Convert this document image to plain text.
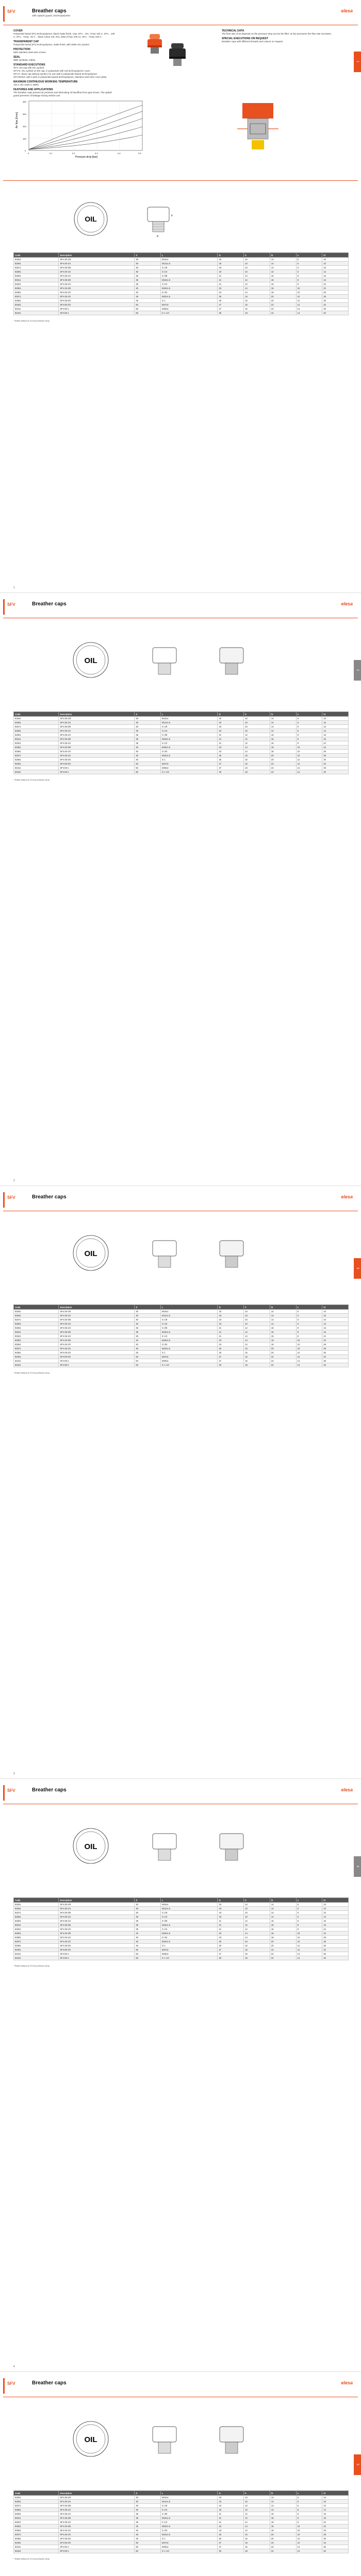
SFV	Breather caps
with splash guard, technopolymer
elesa
COVER
Polyamide based (PA) technopolymer, black matte finish. Cap: SFV... OIL: Tmax 100 C. SFV... 100 C; SFV... Tmax -40 C... black colour red, RAL 2004 (Tmax 100 C). SFV... Tmax 100 C.
TRANSPARENT CAP
Polyamide based (PA) technopolymer, matte finish, with white OIL symbol.
PROTECTION
With stainless steel wire screen.
SEAL
NBR synthetic rubber.
STANDARD EXECUTIONS
SFV: red cap with OIL symbol.
SFV-N: OIL symbol on the cap, in polyamide with red technopolymer cover.
SFV-C: black cap without symbol, for use with in polyamide based technopolymer.
SFV-BOSS: with 2 pins in polyamide based technopolymer, stainless steel wire cover plate.
MAXIMUM CONTINUOUS WORKING TEMPERATURE
100 C (for seals in NBR).
FEATURES AND APPLICATIONS
The breather caps prevent air pressure and lubricating oil backflow from gear boxes. The splash guard prevents oil leakage during vehicle use.
TECHNICAL DATA
The flow rate of air depends on the pressure drop across the filter; at low pressures the flow rate increases.
SPECIAL EXECUTIONS ON REQUEST
Breather caps with different threads and colours on request.
Air flow [l/min]
Pressure drop [bar]
400
300
200
100
0
0	0.1	0.2	0.3	0.4	0.5
1
1
OIL	h
d
Code	Description	d	L	l1	h	l2	s	Cl
83251	SFV.30-1/8	30	M10x1	19	10	14	6	10
83261	SFV.30-1/4	30	M12x1.5	19	10	14	6	10
83271	SFV.30-3/8	30	G 1/8	19	10	14	6	10
83281	SFV.30-1/2	30	G 1/4	19	10	14	6	12
83301	SFV.35-1/4	35	G 3/8	21	12	16	8	16
83311	SFV.35-3/8	35	M16x1.5	21	12	16	8	16
83321	SFV.35-1/2	35	G 1/2	21	12	16	8	22
83351	SFV.40-3/8	40	M20x1.5	23	14	18	10	22
83361	SFV.40-1/2	40	G 3/4	23	14	18	10	28
83371	SFV.45-1/2	45	M22x1.5	25	15	20	10	28
83381	SFV.45-3/4	45	G 1	25	15	20	12	30
83401	SFV.50-3/4	50	M27x2	27	16	22	12	34
83411	SFV.50-1	50	M30x2	27	16	22	14	36
83421	SFV.60-1	60	G 1 1/4	30	18	24	14	40
* Rated airflow at 0.5 bar pressure drop.
SFV	Breather caps	elesa
2
OIL
Code	Description	d	L	l1	h	l2	s	Cl
83251	SFV.30-1/8	30	M10x1	19	10	14	6	10
83261	SFV.30-1/4	30	M12x1.5	19	10	14	6	10
83271	SFV.30-3/8	30	G 1/8	19	10	14	6	10
83281	SFV.30-1/2	30	G 1/4	19	10	14	6	12
83301	SFV.35-1/4	35	G 3/8	21	12	16	8	16
83311	SFV.35-3/8	35	M16x1.5	21	12	16	8	16
83321	SFV.35-1/2	35	G 1/2	21	12	16	8	22
83351	SFV.40-3/8	40	M20x1.5	23	14	18	10	22
83361	SFV.40-1/2	40	G 3/4	23	14	18	10	28
83371	SFV.45-1/2	45	M22x1.5	25	15	20	10	28
83381	SFV.45-3/4	45	G 1	25	15	20	12	30
83401	SFV.50-3/4	50	M27x2	27	16	22	12	34
83411	SFV.50-1	50	M30x2	27	16	22	14	36
83421	SFV.60-1	60	G 1 1/4	30	18	24	14	40
* Rated airflow at 0.5 bar pressure drop.
2
SFV	Breather caps	elesa
3
OIL
Code	Description	d	L	l1	h	l2	s	Cl
83251	SFV.30-1/8	30	M10x1	19	10	14	6	10
83261	SFV.30-1/4	30	M12x1.5	19	10	14	6	10
83271	SFV.30-3/8	30	G 1/8	19	10	14	6	10
83281	SFV.30-1/2	30	G 1/4	19	10	14	6	12
83301	SFV.35-1/4	35	G 3/8	21	12	16	8	16
83311	SFV.35-3/8	35	M16x1.5	21	12	16	8	16
83321	SFV.35-1/2	35	G 1/2	21	12	16	8	22
83351	SFV.40-3/8	40	M20x1.5	23	14	18	10	22
83361	SFV.40-1/2	40	G 3/4	23	14	18	10	28
83371	SFV.45-1/2	45	M22x1.5	25	15	20	10	28
83381	SFV.45-3/4	45	G 1	25	15	20	12	30
83401	SFV.50-3/4	50	M27x2	27	16	22	12	34
83411	SFV.50-1	50	M30x2	27	16	22	14	36
83421	SFV.60-1	60	G 1 1/4	30	18	24	14	40
* Rated airflow at 0.5 bar pressure drop.
3
SFV	Breather caps	elesa
4
OIL
Code	Description	d	L	l1	h	l2	s	Cl
83251	SFV.30-1/8	30	M10x1	19	10	14	6	10
83261	SFV.30-1/4	30	M12x1.5	19	10	14	6	10
83271	SFV.30-3/8	30	G 1/8	19	10	14	6	10
83281	SFV.30-1/2	30	G 1/4	19	10	14	6	12
83301	SFV.35-1/4	35	G 3/8	21	12	16	8	16
83311	SFV.35-3/8	35	M16x1.5	21	12	16	8	16
83321	SFV.35-1/2	35	G 1/2	21	12	16	8	22
83351	SFV.40-3/8	40	M20x1.5	23	14	18	10	22
83361	SFV.40-1/2	40	G 3/4	23	14	18	10	28
83371	SFV.45-1/2	45	M22x1.5	25	15	20	10	28
83381	SFV.45-3/4	45	G 1	25	15	20	12	30
83401	SFV.50-3/4	50	M27x2	27	16	22	12	34
83411	SFV.50-1	50	M30x2	27	16	22	14	36
83421	SFV.60-1	60	G 1 1/4	30	18	24	14	40
* Rated airflow at 0.5 bar pressure drop.
4
SFV	Breather caps	elesa
5
OIL
Code	Description	d	L	l1	h	l2	s	Cl
83251	SFV.30-1/8	30	M10x1	19	10	14	6	10
83261	SFV.30-1/4	30	M12x1.5	19	10	14	6	10
83271	SFV.30-3/8	30	G 1/8	19	10	14	6	10
83281	SFV.30-1/2	30	G 1/4	19	10	14	6	12
83301	SFV.35-1/4	35	G 3/8	21	12	16	8	16
83311	SFV.35-3/8	35	M16x1.5	21	12	16	8	16
83321	SFV.35-1/2	35	G 1/2	21	12	16	8	22
83351	SFV.40-3/8	40	M20x1.5	23	14	18	10	22
83361	SFV.40-1/2	40	G 3/4	23	14	18	10	28
83371	SFV.45-1/2	45	M22x1.5	25	15	20	10	28
83381	SFV.45-3/4	45	G 1	25	15	20	12	30
83401	SFV.50-3/4	50	M27x2	27	16	22	12	34
83411	SFV.50-1	50	M30x2	27	16	22	14	36
83421	SFV.60-1	60	G 1 1/4	30	18	24	14	40
* Rated airflow at 0.5 bar pressure drop.
